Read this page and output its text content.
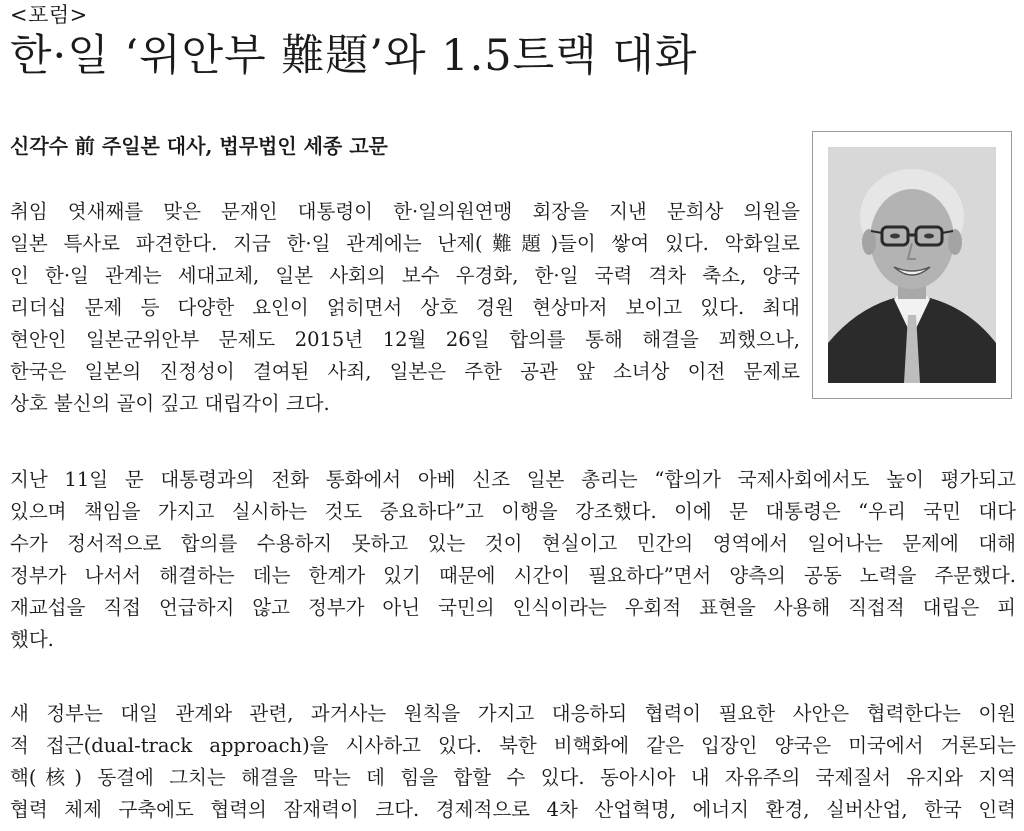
<포럼>
한·일 ‘위안부 難題’와 1.5트랙 대화
신각수 前 주일본 대사, 법무법인 세종 고문
취임 엿새째를 맞은 문재인 대통령이 한·일의원연맹 회장을 지낸 문희상 의원을
일본 특사로 파견한다. 지금 한·일 관계에는 난제(難題)들이 쌓여 있다. 악화일로
인 한·일 관계는 세대교체, 일본 사회의 보수 우경화, 한·일 국력 격차 축소, 양국
리더십 문제 등 다양한 요인이 얽히면서 상호 경원 현상마저 보이고 있다. 최대
현안인 일본군위안부 문제도 2015년 12월 26일 합의를 통해 해결을 꾀했으나,
한국은 일본의 진정성이 결여된 사죄, 일본은 주한 공관 앞 소녀상 이전 문제로
상호 불신의 골이 깊고 대립각이 크다.
지난 11일 문 대통령과의 전화 통화에서 아베 신조 일본 총리는 “합의가 국제사회에서도 높이 평가되고
있으며 책임을 가지고 실시하는 것도 중요하다”고 이행을 강조했다. 이에 문 대통령은 “우리 국민 대다
수가 정서적으로 합의를 수용하지 못하고 있는 것이 현실이고 민간의 영역에서 일어나는 문제에 대해
정부가 나서서 해결하는 데는 한계가 있기 때문에 시간이 필요하다”면서 양측의 공동 노력을 주문했다.
재교섭을 직접 언급하지 않고 정부가 아닌 국민의 인식이라는 우회적 표현을 사용해 직접적 대립은 피
했다.
새 정부는 대일 관계와 관련, 과거사는 원칙을 가지고 대응하되 협력이 필요한 사안은 협력한다는 이원
적 접근(dual-track approach)을 시사하고 있다. 북한 비핵화에 같은 입장인 양국은 미국에서 거론되는
핵(核) 동결에 그치는 해결을 막는 데 힘을 합할 수 있다. 동아시아 내 자유주의 국제질서 유지와 지역
협력 체제 구축에도 협력의 잠재력이 크다. 경제적으로 4차 산업혁명, 에너지 환경, 실버산업, 한국 인력
